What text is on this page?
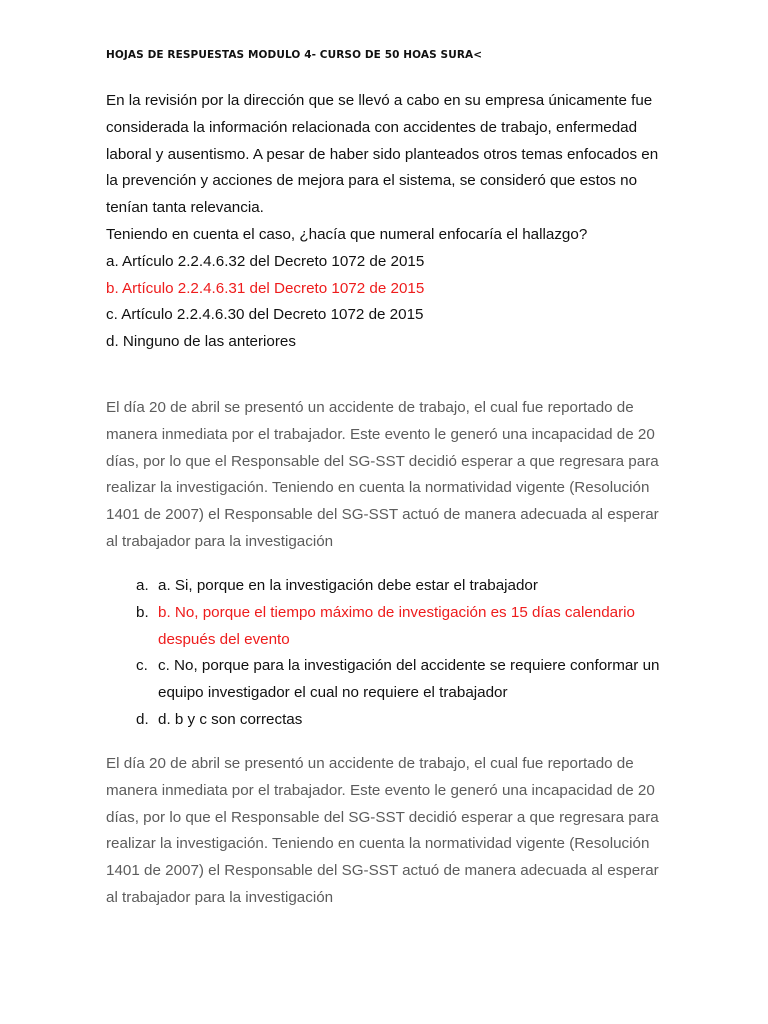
HOJAS DE RESPUESTAS MODULO 4- CURSO DE 50 HOAS SURA<

En la revisión por la dirección que se llevó a cabo en su empresa únicamente fue considerada la información relacionada con accidentes de trabajo, enfermedad laboral y ausentismo. A pesar de haber sido planteados otros temas enfocados en la prevención y acciones de mejora para el sistema, se consideró que estos no tenían tanta relevancia.

Teniendo en cuenta el caso, ¿hacía que numeral enfocaría el hallazgo?

a. Artículo 2.2.4.6.32 del Decreto 1072 de 2015
b. Artículo 2.2.4.6.31 del Decreto 1072 de 2015
c. Artículo 2.2.4.6.30 del Decreto 1072 de 2015
d. Ninguno de las anteriores

El día 20 de abril se presentó un accidente de trabajo, el cual fue reportado de manera inmediata por el trabajador. Este evento le generó una incapacidad de 20 días, por lo que el Responsable del SG-SST decidió esperar a que regresara para realizar la investigación. Teniendo en cuenta la normatividad vigente (Resolución 1401 de 2007) el Responsable del SG-SST actuó de manera adecuada al esperar al trabajador para la investigación

a. a. Si, porque en la investigación debe estar el trabajador
b. b. No, porque el tiempo máximo de investigación es 15 días calendario después del evento
c. c. No, porque para la investigación del accidente se requiere conformar un equipo investigador el cual no requiere el trabajador
d. d. b y c son correctas

El día 20 de abril se presentó un accidente de trabajo, el cual fue reportado de manera inmediata por el trabajador. Este evento le generó una incapacidad de 20 días, por lo que el Responsable del SG-SST decidió esperar a que regresara para realizar la investigación. Teniendo en cuenta la normatividad vigente (Resolución 1401 de 2007) el Responsable del SG-SST actuó de manera adecuada al esperar al trabajador para la investigación
